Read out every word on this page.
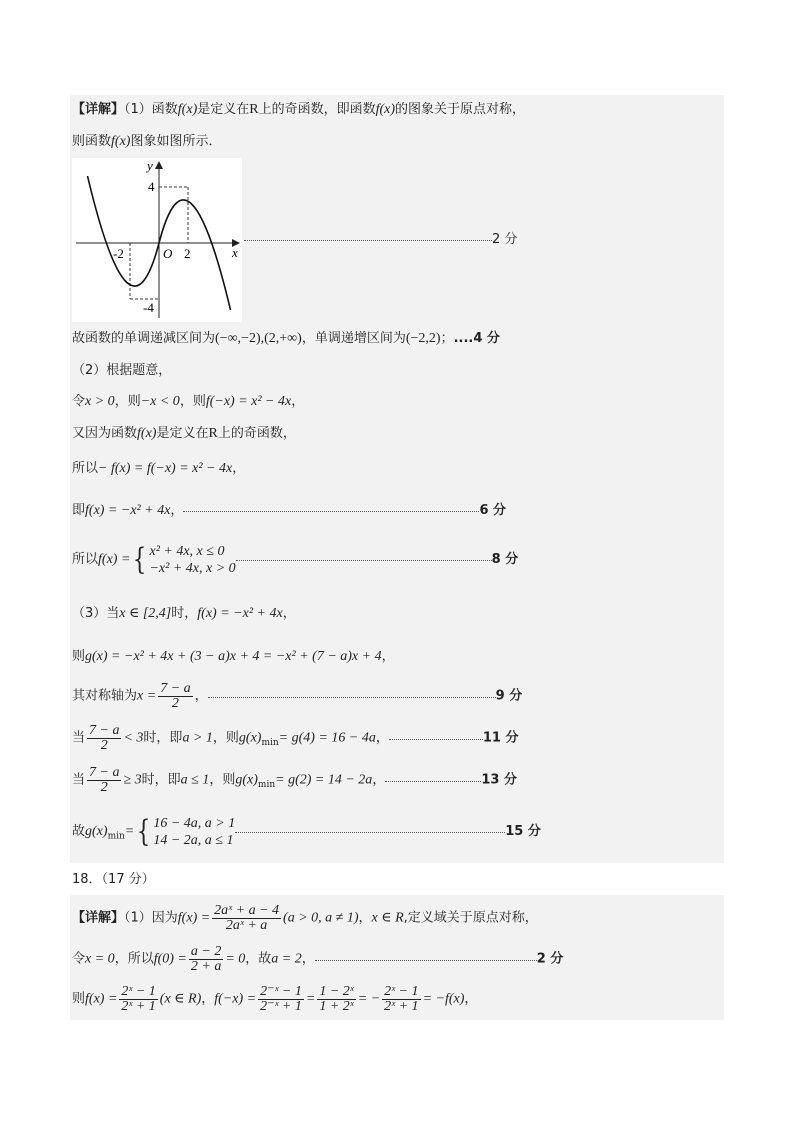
【详解】（1）函数f(x)是定义在R上的奇函数，即函数f(x)的图象关于原点对称，
则函数f(x)图象如图所示．
y
x
O
4
-4
2
-2
2 分
故函数的单调递减区间为(−∞,−2),(2,+∞)，单调递增区间为(−2,2)；....4 分
（2）根据题意，
令x > 0，则−x < 0，则f(−x) = x² − 4x，
又因为函数f(x)是定义在R上的奇函数，
所以− f(x) = f(−x) = x² − 4x，
即f(x) = −x² + 4x，	6 分
所以f(x) ={ x² + 4x, x ≤ 0
−x² + 4x, x > 0
8 分
（3）当x ∈ [2,4]时，f(x) = −x² + 4x，
则g(x) = −x² + 4x + (3 − a)x + 4 = −x² + (7 − a)x + 4，
其对称轴为$x = \frac{7 - a}{2}$ ，	9 分
当 $\frac{7 - a}{2} < 3$时，即a > 1，则$g(x)_{min}= g(4) = 16 - 4a$，	11 分
当 $\frac{7 - a}{2} \ge 3$时，即a ≤ 1，则$g(x)_{min}= g(2) = 14 - 2a$，	13 分
故$g(x)_{min}=${ 16 − 4a, a > 1
14 − 2a, a ≤ 1
15 分
18．（17 分）
【详解】（1）因为$f(x) = \frac{\text{2aˣ + a − 4}}{\text{2aˣ + a}} (a > 0$, a ≠ 1)，x ∈ R,定义域关于原点对称，
令x = 0，所以$f(0) = \frac{a - 2}{2 + a} = 0$，故a = 2，	2 分
则$f(x) = \frac{\text{2ˣ − 1}}{\text{2ˣ + 1}} (x$ ∈ R)，$f(-x) = \frac{\text{2⁻ˣ − 1}}{\text{2⁻ˣ + 1}} = \frac{\text{1 − 2ˣ}}{\text{1 + 2ˣ}}$ = − $\frac{\text{2ˣ − 1}}{\text{2ˣ + 1}} = -f(x)$，
